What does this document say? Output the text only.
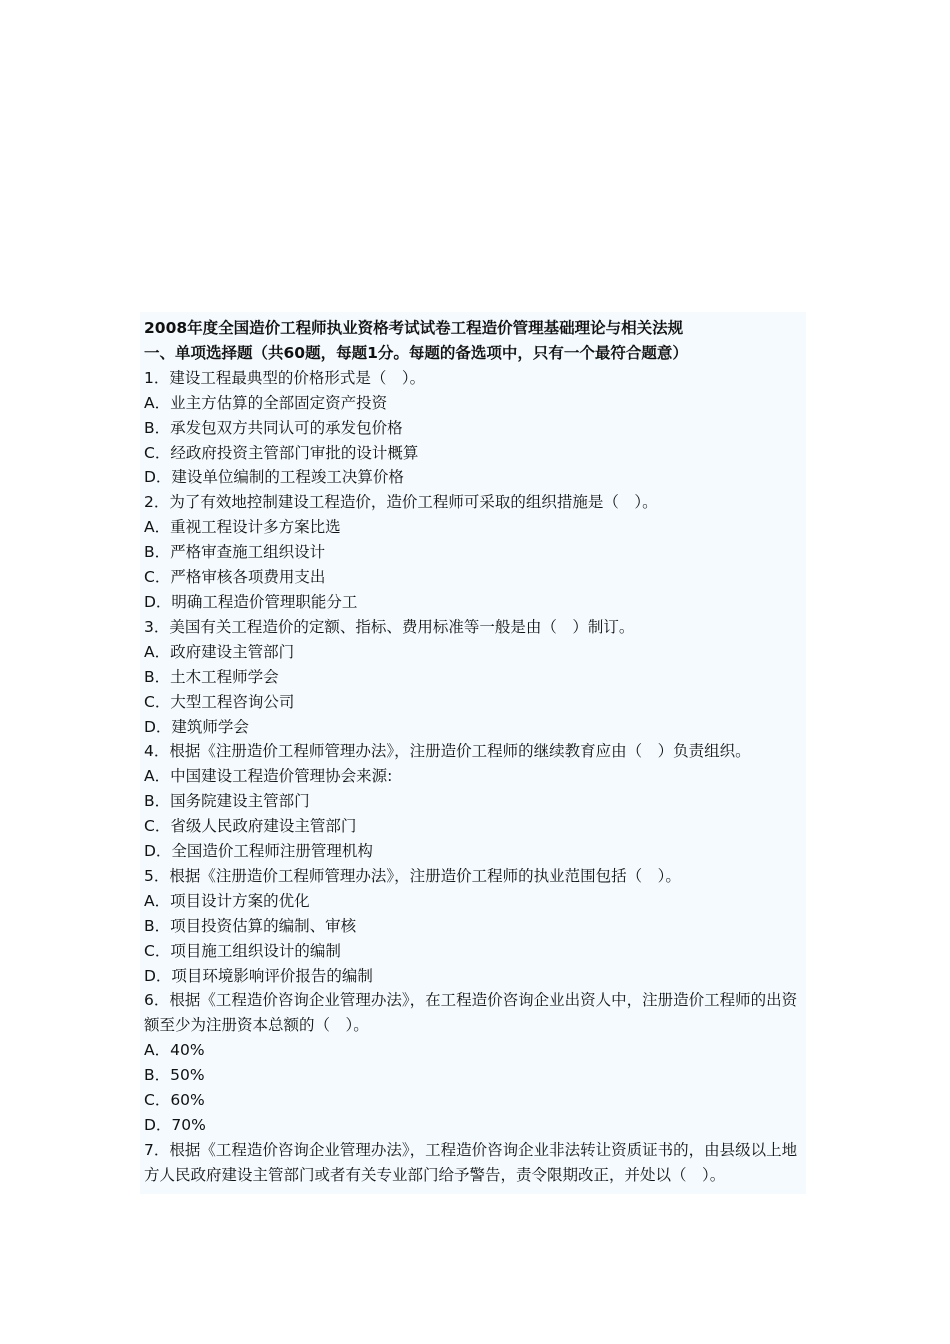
2008年度全国造价工程师执业资格考试试卷工程造价管理基础理论与相关法规
一、单项选择题（共60题，每题1分。每题的备选项中，只有一个最符合题意）
1．建设工程最典型的价格形式是（　）。
A．业主方估算的全部固定资产投资
B．承发包双方共同认可的承发包价格
C．经政府投资主管部门审批的设计概算
D．建设单位编制的工程竣工决算价格
2．为了有效地控制建设工程造价，造价工程师可采取的组织措施是（　）。
A．重视工程设计多方案比选
B．严格审查施工组织设计
C．严格审核各项费用支出
D．明确工程造价管理职能分工
3．美国有关工程造价的定额、指标、费用标准等一般是由（　）制订。
A．政府建设主管部门
B．土木工程师学会
C．大型工程咨询公司
D．建筑师学会
4．根据《注册造价工程师管理办法》，注册造价工程师的继续教育应由（　）负责组织。
A．中国建设工程造价管理协会来源:
B．国务院建设主管部门
C．省级人民政府建设主管部门
D．全国造价工程师注册管理机构
5．根据《注册造价工程师管理办法》，注册造价工程师的执业范围包括（　）。
A．项目设计方案的优化
B．项目投资估算的编制、审核
C．项目施工组织设计的编制
D．项目环境影响评价报告的编制
6．根据《工程造价咨询企业管理办法》，在工程造价咨询企业出资人中，注册造价工程师的出资额至少为注册资本总额的（　）。
A．40%
B．50%
C．60%
D．70%
7．根据《工程造价咨询企业管理办法》，工程造价咨询企业非法转让资质证书的，由县级以上地方人民政府建设主管部门或者有关专业部门给予警告，责令限期改正，并处以（　）。
